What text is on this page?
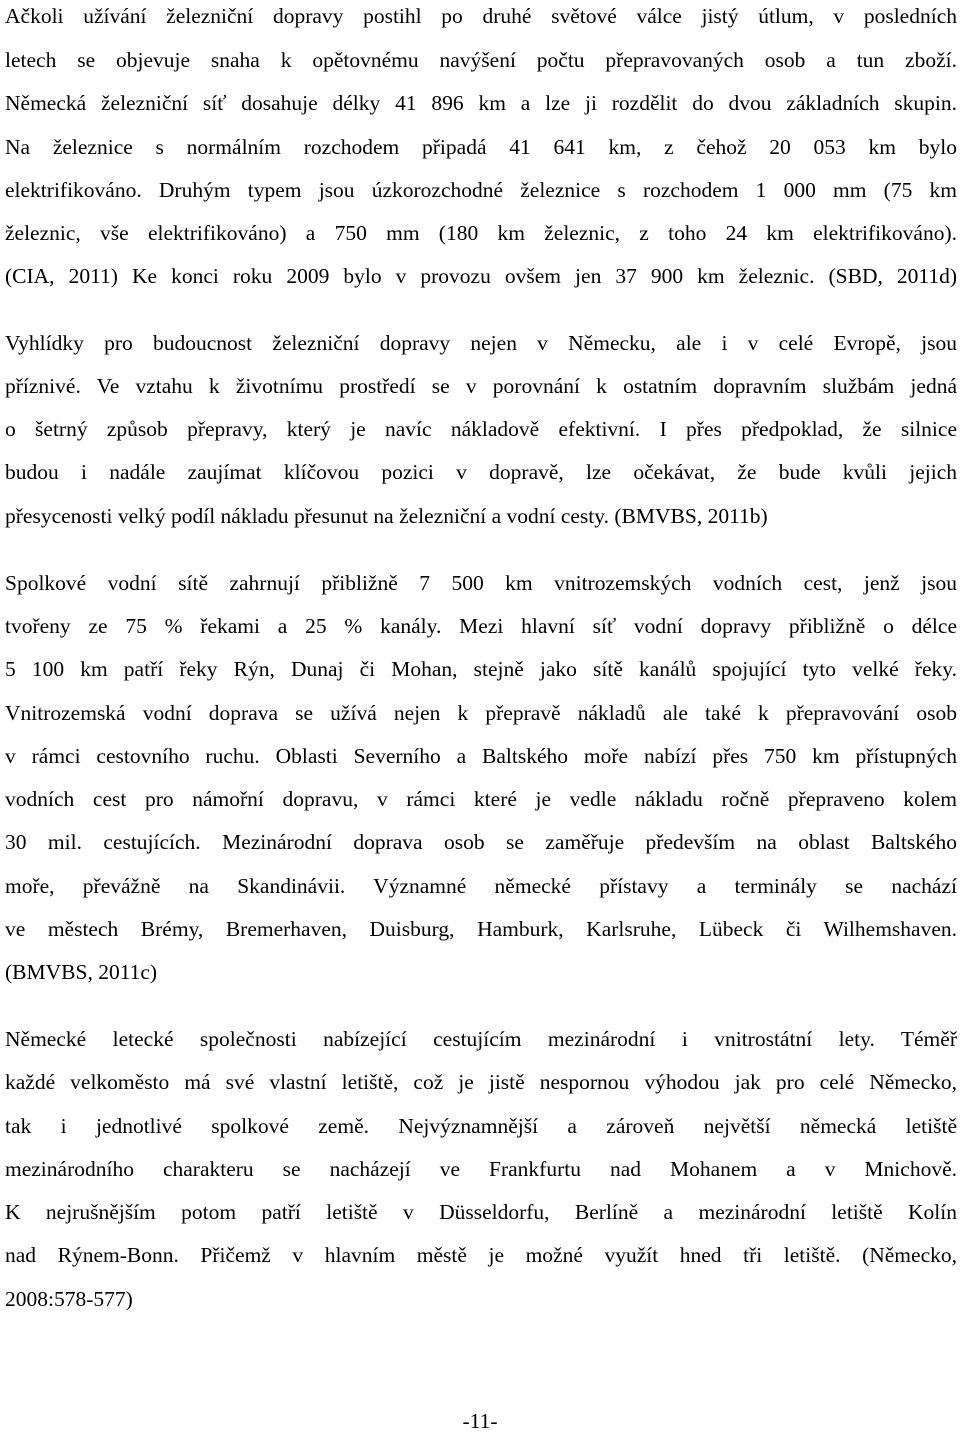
Ačkoli užívání železniční dopravy postihl po druhé světové válce jistý útlum, v posledních
letech se objevuje snaha k opětovnému navýšení počtu přepravovaných osob a tun zboží.
Německá železniční síť dosahuje délky 41 896 km a lze ji rozdělit do dvou základních skupin.
Na železnice s normálním rozchodem připadá 41 641 km, z čehož 20 053 km bylo
elektrifikováno. Druhým typem jsou úzkorozchodné železnice s rozchodem 1 000 mm (75 km
železnic, vše elektrifikováno) a 750 mm (180 km železnic, z toho 24 km elektrifikováno).
(CIA, 2011) Ke konci roku 2009 bylo v provozu ovšem jen 37 900 km železnic. (SBD, 2011d)
Vyhlídky pro budoucnost železniční dopravy nejen v Německu, ale i v celé Evropě, jsou
příznivé. Ve vztahu k životnímu prostředí se v porovnání k ostatním dopravním službám jedná
o šetrný způsob přepravy, který je navíc nákladově efektivní. I přes předpoklad, že silnice
budou i nadále zaujímat klíčovou pozici v dopravě, lze očekávat, že bude kvůli jejich
přesycenosti velký podíl nákladu přesunut na železniční a vodní cesty. (BMVBS, 2011b)
Spolkové vodní sítě zahrnují přibližně 7 500 km vnitrozemských vodních cest, jenž jsou
tvořeny ze 75 % řekami a 25 % kanály. Mezi hlavní síť vodní dopravy přibližně o délce
5 100 km patří řeky Rýn, Dunaj či Mohan, stejně jako sítě kanálů spojující tyto velké řeky.
Vnitrozemská vodní doprava se užívá nejen k přepravě nákladů ale také k přepravování osob
v rámci cestovního ruchu. Oblasti Severního a Baltského moře nabízí přes 750 km přístupných
vodních cest pro námořní dopravu, v rámci které je vedle nákladu ročně přepraveno kolem
30 mil. cestujících. Mezinárodní doprava osob se zaměřuje především na oblast Baltského
moře, převážně na Skandinávii. Významné německé přístavy a terminály se nachází
ve městech Brémy, Bremerhaven, Duisburg, Hamburk, Karlsruhe, Lübeck či Wilhemshaven.
(BMVBS, 2011c)
Německé letecké společnosti nabízející cestujícím mezinárodní i vnitrostátní lety. Téměř
každé velkoměsto má své vlastní letiště, což je jistě nespornou výhodou jak pro celé Německo,
tak i jednotlivé spolkové země. Nejvýznamnější a zároveň největší německá letiště
mezinárodního charakteru se nacházejí ve Frankfurtu nad Mohanem a v Mnichově.
K nejrušnějším potom patří letiště v Düsseldorfu, Berlíně a mezinárodní letiště Kolín
nad Rýnem-Bonn. Přičemž v hlavním městě je možné využít hned tři letiště. (Německo,
2008:578-577)
-11-
